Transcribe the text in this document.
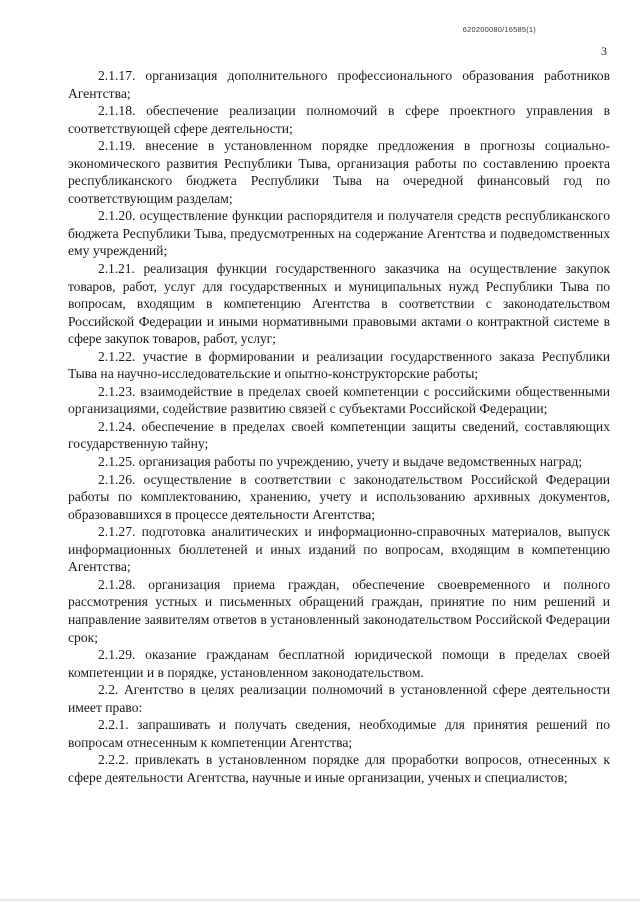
620200080/16585(1)
3

2.1.17. организация дополнительного профессионального образования работников Агентства;

2.1.18. обеспечение реализации полномочий в сфере проектного управления в соответствующей сфере деятельности;

2.1.19. внесение в установленном порядке предложения в прогнозы социально-экономического развития Республики Тыва, организация работы по составлению проекта республиканского бюджета Республики Тыва на очередной финансовый год по соответствующим разделам;

2.1.20. осуществление функции распорядителя и получателя средств республиканского бюджета Республики Тыва, предусмотренных на содержание Агентства и подведомственных ему учреждений;

2.1.21. реализация функции государственного заказчика на осуществление закупок товаров, работ, услуг для государственных и муниципальных нужд Республики Тыва по вопросам, входящим в компетенцию Агентства в соответствии с законодательством Российской Федерации и иными нормативными правовыми актами о контрактной системе в сфере закупок товаров, работ, услуг;

2.1.22. участие в формировании и реализации государственного заказа Республики Тыва на научно-исследовательские и опытно-конструкторские работы;

2.1.23. взаимодействие в пределах своей компетенции с российскими общественными организациями, содействие развитию связей с субъектами Российской Федерации;

2.1.24. обеспечение в пределах своей компетенции защиты сведений, составляющих государственную тайну;

2.1.25. организация работы по учреждению, учету и выдаче ведомственных наград;

2.1.26. осуществление в соответствии с законодательством Российской Федерации работы по комплектованию, хранению, учету и использованию архивных документов, образовавшихся в процессе деятельности Агентства;

2.1.27. подготовка аналитических и информационно-справочных материалов, выпуск информационных бюллетеней и иных изданий по вопросам, входящим в компетенцию Агентства;

2.1.28. организация приема граждан, обеспечение своевременного и полного рассмотрения устных и письменных обращений граждан, принятие по ним решений и направление заявителям ответов в установленный законодательством Российской Федерации срок;

2.1.29. оказание гражданам бесплатной юридической помощи в пределах своей компетенции и в порядке, установленном законодательством.

2.2. Агентство в целях реализации полномочий в установленной сфере деятельности имеет право:

2.2.1. запрашивать и получать сведения, необходимые для принятия решений по вопросам отнесенным к компетенции Агентства;

2.2.2. привлекать в установленном порядке для проработки вопросов, отнесенных к сфере деятельности Агентства, научные и иные организации, ученых и специалистов;
